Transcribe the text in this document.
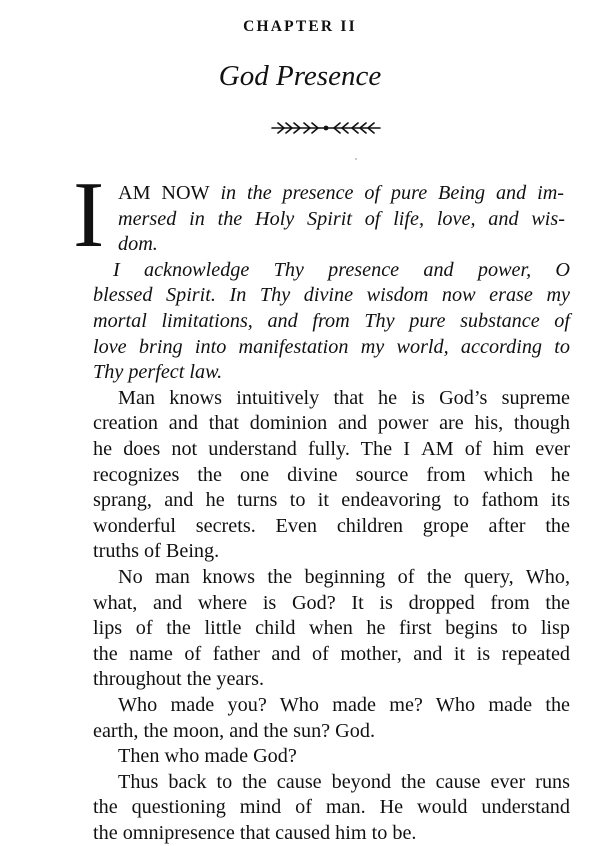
CHAPTER II
God Presence
I AM NOW in the presence of pure Being and im-
mersed in the Holy Spirit of life, love, and wis-
dom.
I acknowledge Thy presence and power, O
blessed Spirit. In Thy divine wisdom now erase my
mortal limitations, and from Thy pure substance of
love bring into manifestation my world, according to
Thy perfect law.
Man knows intuitively that he is God’s supreme
creation and that dominion and power are his, though
he does not understand fully. The I AM of him ever
recognizes the one divine source from which he
sprang, and he turns to it endeavoring to fathom its
wonderful secrets. Even children grope after the
truths of Being.
No man knows the beginning of the query, Who,
what, and where is God? It is dropped from the
lips of the little child when he first begins to lisp
the name of father and of mother, and it is repeated
throughout the years.
Who made you? Who made me? Who made the
earth, the moon, and the sun? God.
Then who made God?
Thus back to the cause beyond the cause ever runs
the questioning mind of man. He would understand
the omnipresence that caused him to be.
